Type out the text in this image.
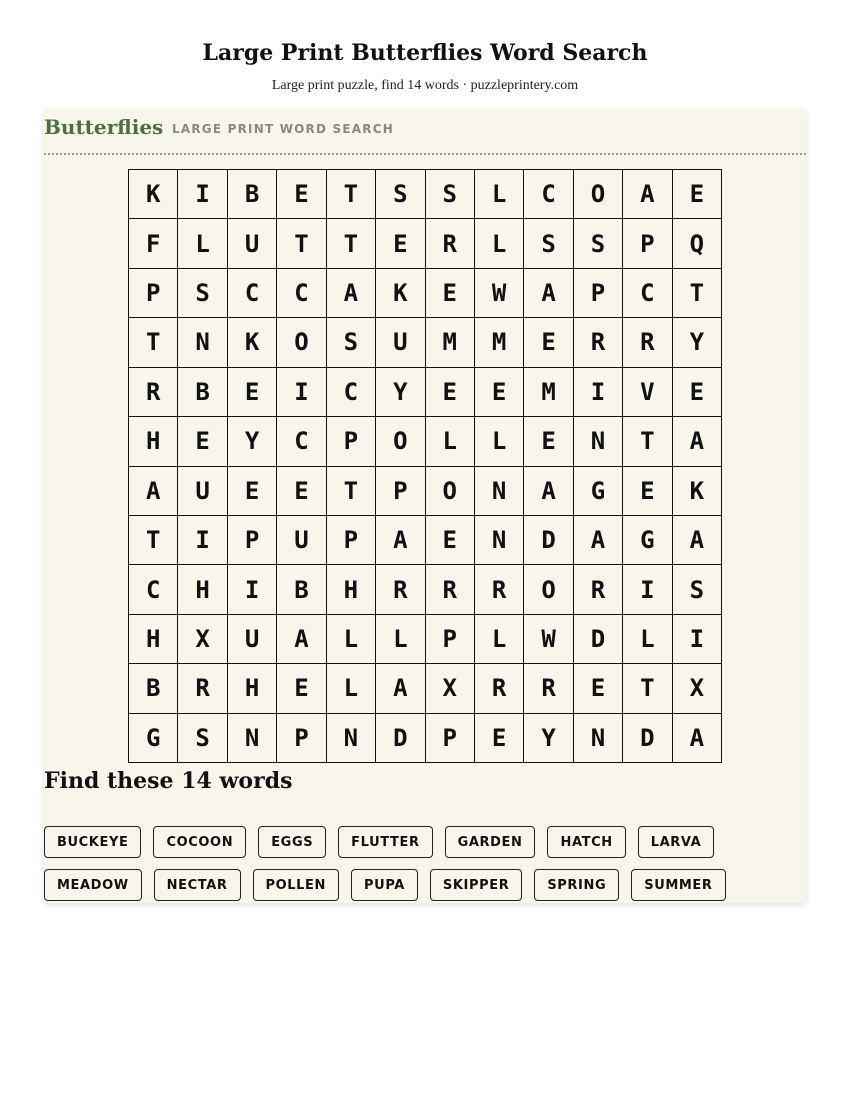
Large Print Butterflies Word Search
Large print puzzle, find 14 words · puzzleprintery.com
Butterflies LARGE PRINT WORD SEARCH
K	I	B	E	T	S	S	L	C	O	A	E
F	L	U	T	T	E	R	L	S	S	P	Q
P	S	C	C	A	K	E	W	A	P	C	T
T	N	K	O	S	U	M	M	E	R	R	Y
R	B	E	I	C	Y	E	E	M	I	V	E
H	E	Y	C	P	O	L	L	E	N	T	A
A	U	E	E	T	P	O	N	A	G	E	K
T	I	P	U	P	A	E	N	D	A	G	A
C	H	I	B	H	R	R	R	O	R	I	S
H	X	U	A	L	L	P	L	W	D	L	I
B	R	H	E	L	A	X	R	R	E	T	X
G	S	N	P	N	D	P	E	Y	N	D	A
Find these 14 words
BUCKEYE	COCOON	EGGS	FLUTTER	GARDEN	HATCH	LARVA
MEADOW	NECTAR	POLLEN	PUPA	SKIPPER	SPRING	SUMMER
